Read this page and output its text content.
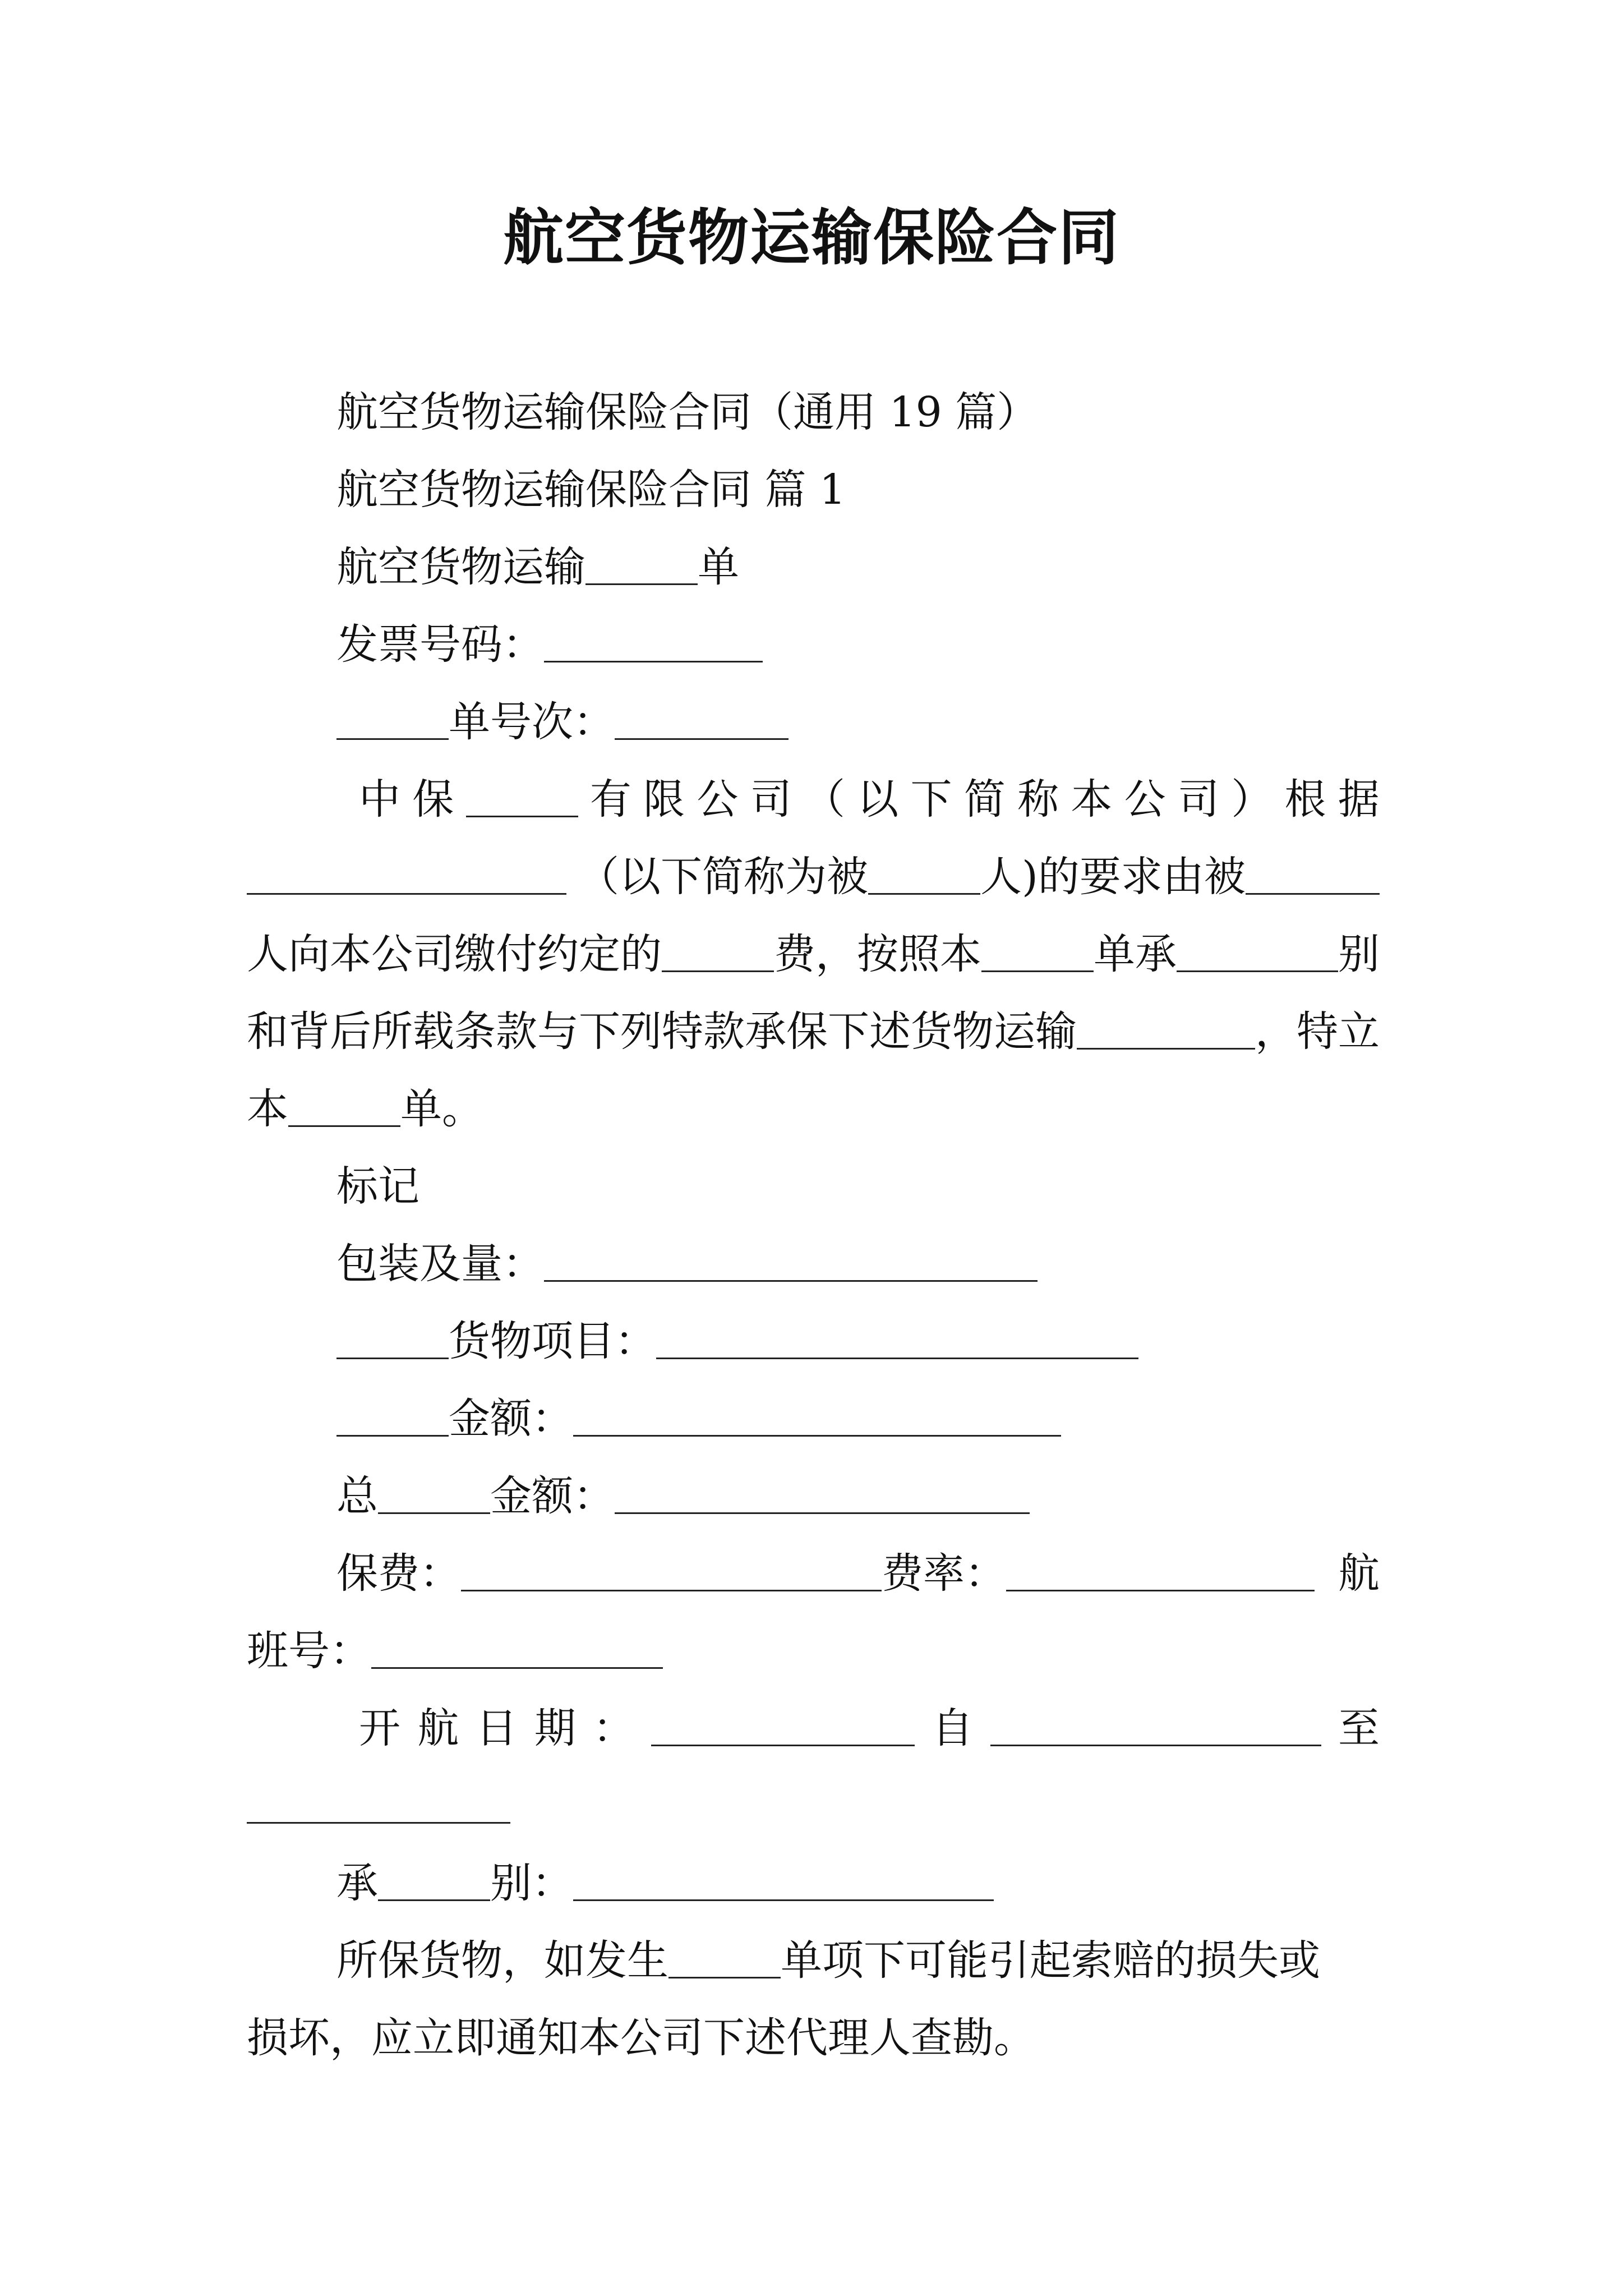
航空货物运输保险合同
航空货物运输保险合同（通用 19 篇）
航空货物运输保险合同 篇 1
航空货物运输	单
发票号码：
单号次：
中 保	有 限 公 司 （ 以 下 简 称 本 公 司 ） 根 据
（以下简称为被	人)的要求由被
人向本公司缴付约定的	费，按照本	单承	别
和背后所载条款与下列特款承保下述货物运输	，特立
本	单。
标记
包装及量：
货物项目：
金额：
总	金额：
保费：	费率：	航
班号：
开 航 日 期 ：	自	至
承	别：
所保货物，如发生	单项下可能引起索赔的损失或
损坏，应立即通知本公司下述代理人查勘。
